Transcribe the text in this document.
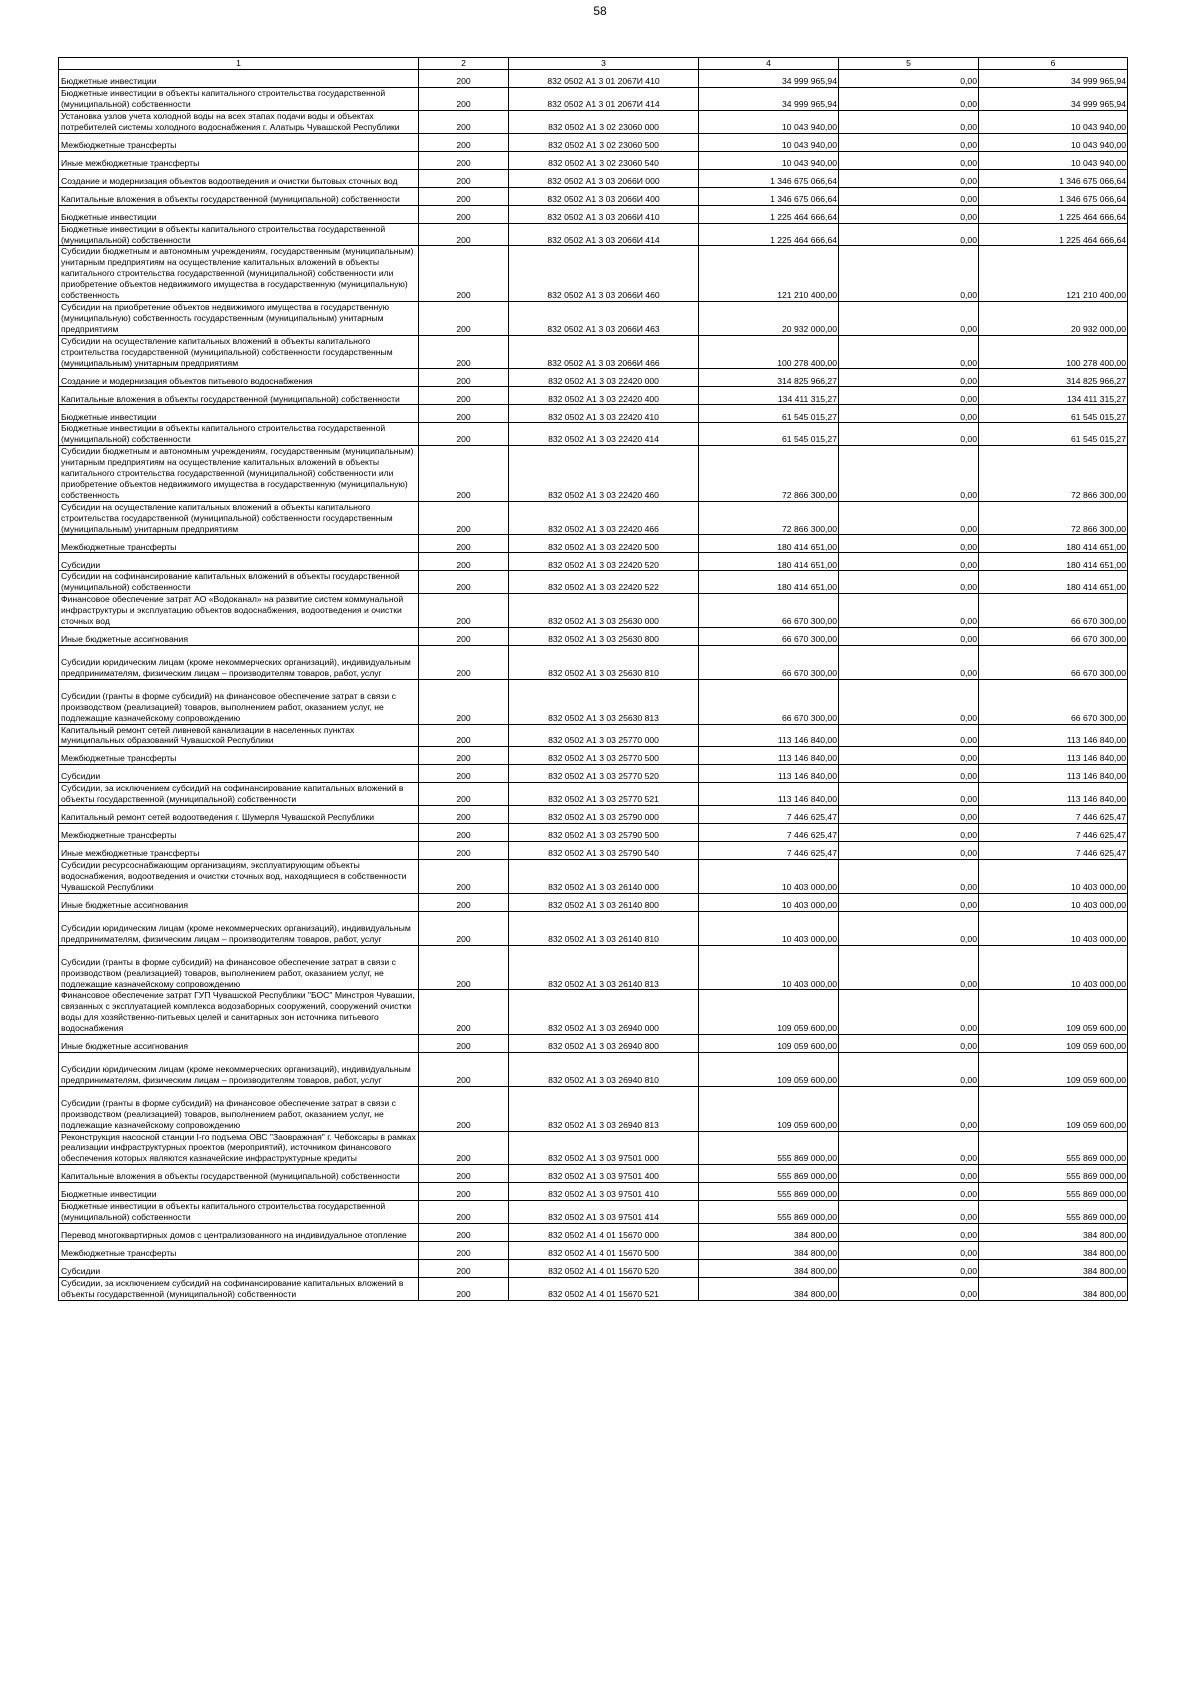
58
1	2	3	4	5	6
Бюджетные инвестиции	200	832 0502 А1 3 01 2067И 410	34 999 965,94	0,00	34 999 965,94
Бюджетные инвестиции в объекты капитального строительства государственной (муниципальной) собственности	200	832 0502 А1 3 01 2067И 414	34 999 965,94	0,00	34 999 965,94
Установка узлов учета холодной воды на всех этапах подачи воды и объектах потребителей системы холодного водоснабжения г. Алатырь Чувашской Республики	200	832 0502 А1 3 02 23060 000	10 043 940,00	0,00	10 043 940,00
Межбюджетные трансферты	200	832 0502 А1 3 02 23060 500	10 043 940,00	0,00	10 043 940,00
Иные межбюджетные трансферты	200	832 0502 А1 3 02 23060 540	10 043 940,00	0,00	10 043 940,00
Создание и модернизация объектов водоотведения и очистки бытовых сточных вод	200	832 0502 А1 3 03 2066И 000	1 346 675 066,64	0,00	1 346 675 066,64
Капитальные вложения в объекты государственной (муниципальной) собственности	200	832 0502 А1 3 03 2066И 400	1 346 675 066,64	0,00	1 346 675 066,64
Бюджетные инвестиции	200	832 0502 А1 3 03 2066И 410	1 225 464 666,64	0,00	1 225 464 666,64
Бюджетные инвестиции в объекты капитального строительства государственной (муниципальной) собственности	200	832 0502 А1 3 03 2066И 414	1 225 464 666,64	0,00	1 225 464 666,64
Субсидии бюджетным и автономным учреждениям, государственным (муниципальным) унитарным предприятиям на осуществление капитальных вложений в объекты капитального строительства государственной (муниципальной) собственности или приобретение объектов недвижимого имущества в государственную (муниципальную) собственность	200	832 0502 А1 3 03 2066И 460	121 210 400,00	0,00	121 210 400,00
Субсидии на приобретение объектов недвижимого имущества в государственную (муниципальную) собственность государственным (муниципальным) унитарным предприятиям	200	832 0502 А1 3 03 2066И 463	20 932 000,00	0,00	20 932 000,00
Субсидии на осуществление капитальных вложений в объекты капитального строительства государственной (муниципальной) собственности государственным (муниципальным) унитарным предприятиям	200	832 0502 А1 3 03 2066И 466	100 278 400,00	0,00	100 278 400,00
Создание и модернизация объектов питьевого водоснабжения	200	832 0502 А1 3 03 22420 000	314 825 966,27	0,00	314 825 966,27
Капитальные вложения в объекты государственной (муниципальной) собственности	200	832 0502 А1 3 03 22420 400	134 411 315,27	0,00	134 411 315,27
Бюджетные инвестиции	200	832 0502 А1 3 03 22420 410	61 545 015,27	0,00	61 545 015,27
Бюджетные инвестиции в объекты капитального строительства государственной (муниципальной) собственности	200	832 0502 А1 3 03 22420 414	61 545 015,27	0,00	61 545 015,27
Субсидии бюджетным и автономным учреждениям, государственным (муниципальным) унитарным предприятиям на осуществление капитальных вложений в объекты капитального строительства государственной (муниципальной) собственности или приобретение объектов недвижимого имущества в государственную (муниципальную) собственность	200	832 0502 А1 3 03 22420 460	72 866 300,00	0,00	72 866 300,00
Субсидии на осуществление капитальных вложений в объекты капитального строительства государственной (муниципальной) собственности государственным (муниципальным) унитарным предприятиям	200	832 0502 А1 3 03 22420 466	72 866 300,00	0,00	72 866 300,00
Межбюджетные трансферты	200	832 0502 А1 3 03 22420 500	180 414 651,00	0,00	180 414 651,00
Субсидии	200	832 0502 А1 3 03 22420 520	180 414 651,00	0,00	180 414 651,00
Субсидии на софинансирование капитальных вложений в объекты государственной (муниципальной) собственности	200	832 0502 А1 3 03 22420 522	180 414 651,00	0,00	180 414 651,00
Финансовое обеспечение затрат АО «Водоканал» на развитие систем коммунальной инфраструктуры и эксплуатацию объектов водоснабжения, водоотведения и очистки сточных вод	200	832 0502 А1 3 03 25630 000	66 670 300,00	0,00	66 670 300,00
Иные бюджетные ассигнования	200	832 0502 А1 3 03 25630 800	66 670 300,00	0,00	66 670 300,00
Субсидии юридическим лицам (кроме некоммерческих организаций), индивидуальным предпринимателям, физическим лицам – производителям товаров, работ, услуг	200	832 0502 А1 3 03 25630 810	66 670 300,00	0,00	66 670 300,00
Субсидии (гранты в форме субсидий) на финансовое обеспечение затрат в связи с производством (реализацией) товаров, выполнением работ, оказанием услуг, не подлежащие казначейскому сопровождению	200	832 0502 А1 3 03 25630 813	66 670 300,00	0,00	66 670 300,00
Капитальный ремонт сетей ливневой канализации в населенных пунктах муниципальных образований Чувашской Республики	200	832 0502 А1 3 03 25770 000	113 146 840,00	0,00	113 146 840,00
Межбюджетные трансферты	200	832 0502 А1 3 03 25770 500	113 146 840,00	0,00	113 146 840,00
Субсидии	200	832 0502 А1 3 03 25770 520	113 146 840,00	0,00	113 146 840,00
Субсидии, за исключением субсидий на софинансирование капитальных вложений в объекты государственной (муниципальной) собственности	200	832 0502 А1 3 03 25770 521	113 146 840,00	0,00	113 146 840,00
Капитальный ремонт сетей водоотведения г. Шумерля Чувашской Республики	200	832 0502 А1 3 03 25790 000	7 446 625,47	0,00	7 446 625,47
Межбюджетные трансферты	200	832 0502 А1 3 03 25790 500	7 446 625,47	0,00	7 446 625,47
Иные межбюджетные трансферты	200	832 0502 А1 3 03 25790 540	7 446 625,47	0,00	7 446 625,47
Субсидии ресурсоснабжающим организациям, эксплуатирующим объекты водоснабжения, водоотведения и очистки сточных вод, находящиеся в собственности Чувашской Республики	200	832 0502 А1 3 03 26140 000	10 403 000,00	0,00	10 403 000,00
Иные бюджетные ассигнования	200	832 0502 А1 3 03 26140 800	10 403 000,00	0,00	10 403 000,00
Субсидии юридическим лицам (кроме некоммерческих организаций), индивидуальным предпринимателям, физическим лицам – производителям товаров, работ, услуг	200	832 0502 А1 3 03 26140 810	10 403 000,00	0,00	10 403 000,00
Субсидии (гранты в форме субсидий) на финансовое обеспечение затрат в связи с производством (реализацией) товаров, выполнением работ, оказанием услуг, не подлежащие казначейскому сопровождению	200	832 0502 А1 3 03 26140 813	10 403 000,00	0,00	10 403 000,00
Финансовое обеспечение затрат ГУП Чувашской Республики "БОС" Минстроя Чувашии, связанных с эксплуатацией комплекса водозаборных сооружений, сооружений очистки воды для хозяйственно-питьевых целей и санитарных зон источника питьевого водоснабжения	200	832 0502 А1 3 03 26940 000	109 059 600,00	0,00	109 059 600,00
Иные бюджетные ассигнования	200	832 0502 А1 3 03 26940 800	109 059 600,00	0,00	109 059 600,00
Субсидии юридическим лицам (кроме некоммерческих организаций), индивидуальным предпринимателям, физическим лицам – производителям товаров, работ, услуг	200	832 0502 А1 3 03 26940 810	109 059 600,00	0,00	109 059 600,00
Субсидии (гранты в форме субсидий) на финансовое обеспечение затрат в связи с производством (реализацией) товаров, выполнением работ, оказанием услуг, не подлежащие казначейскому сопровождению	200	832 0502 А1 3 03 26940 813	109 059 600,00	0,00	109 059 600,00
Реконструкция насосной станции I-го подъема ОВС "Заовражная" г. Чебоксары в рамках реализации инфраструктурных проектов (мероприятий), источником финансового обеспечения которых являются казначейские инфраструктурные кредиты	200	832 0502 А1 3 03 97501 000	555 869 000,00	0,00	555 869 000,00
Капитальные вложения в объекты государственной (муниципальной) собственности	200	832 0502 А1 3 03 97501 400	555 869 000,00	0,00	555 869 000,00
Бюджетные инвестиции	200	832 0502 А1 3 03 97501 410	555 869 000,00	0,00	555 869 000,00
Бюджетные инвестиции в объекты капитального строительства государственной (муниципальной) собственности	200	832 0502 А1 3 03 97501 414	555 869 000,00	0,00	555 869 000,00
Перевод многоквартирных домов с централизованного на индивидуальное отопление	200	832 0502 А1 4 01 15670 000	384 800,00	0,00	384 800,00
Межбюджетные трансферты	200	832 0502 А1 4 01 15670 500	384 800,00	0,00	384 800,00
Субсидии	200	832 0502 А1 4 01 15670 520	384 800,00	0,00	384 800,00
Субсидии, за исключением субсидий на софинансирование капитальных вложений в объекты государственной (муниципальной) собственности	200	832 0502 А1 4 01 15670 521	384 800,00	0,00	384 800,00
